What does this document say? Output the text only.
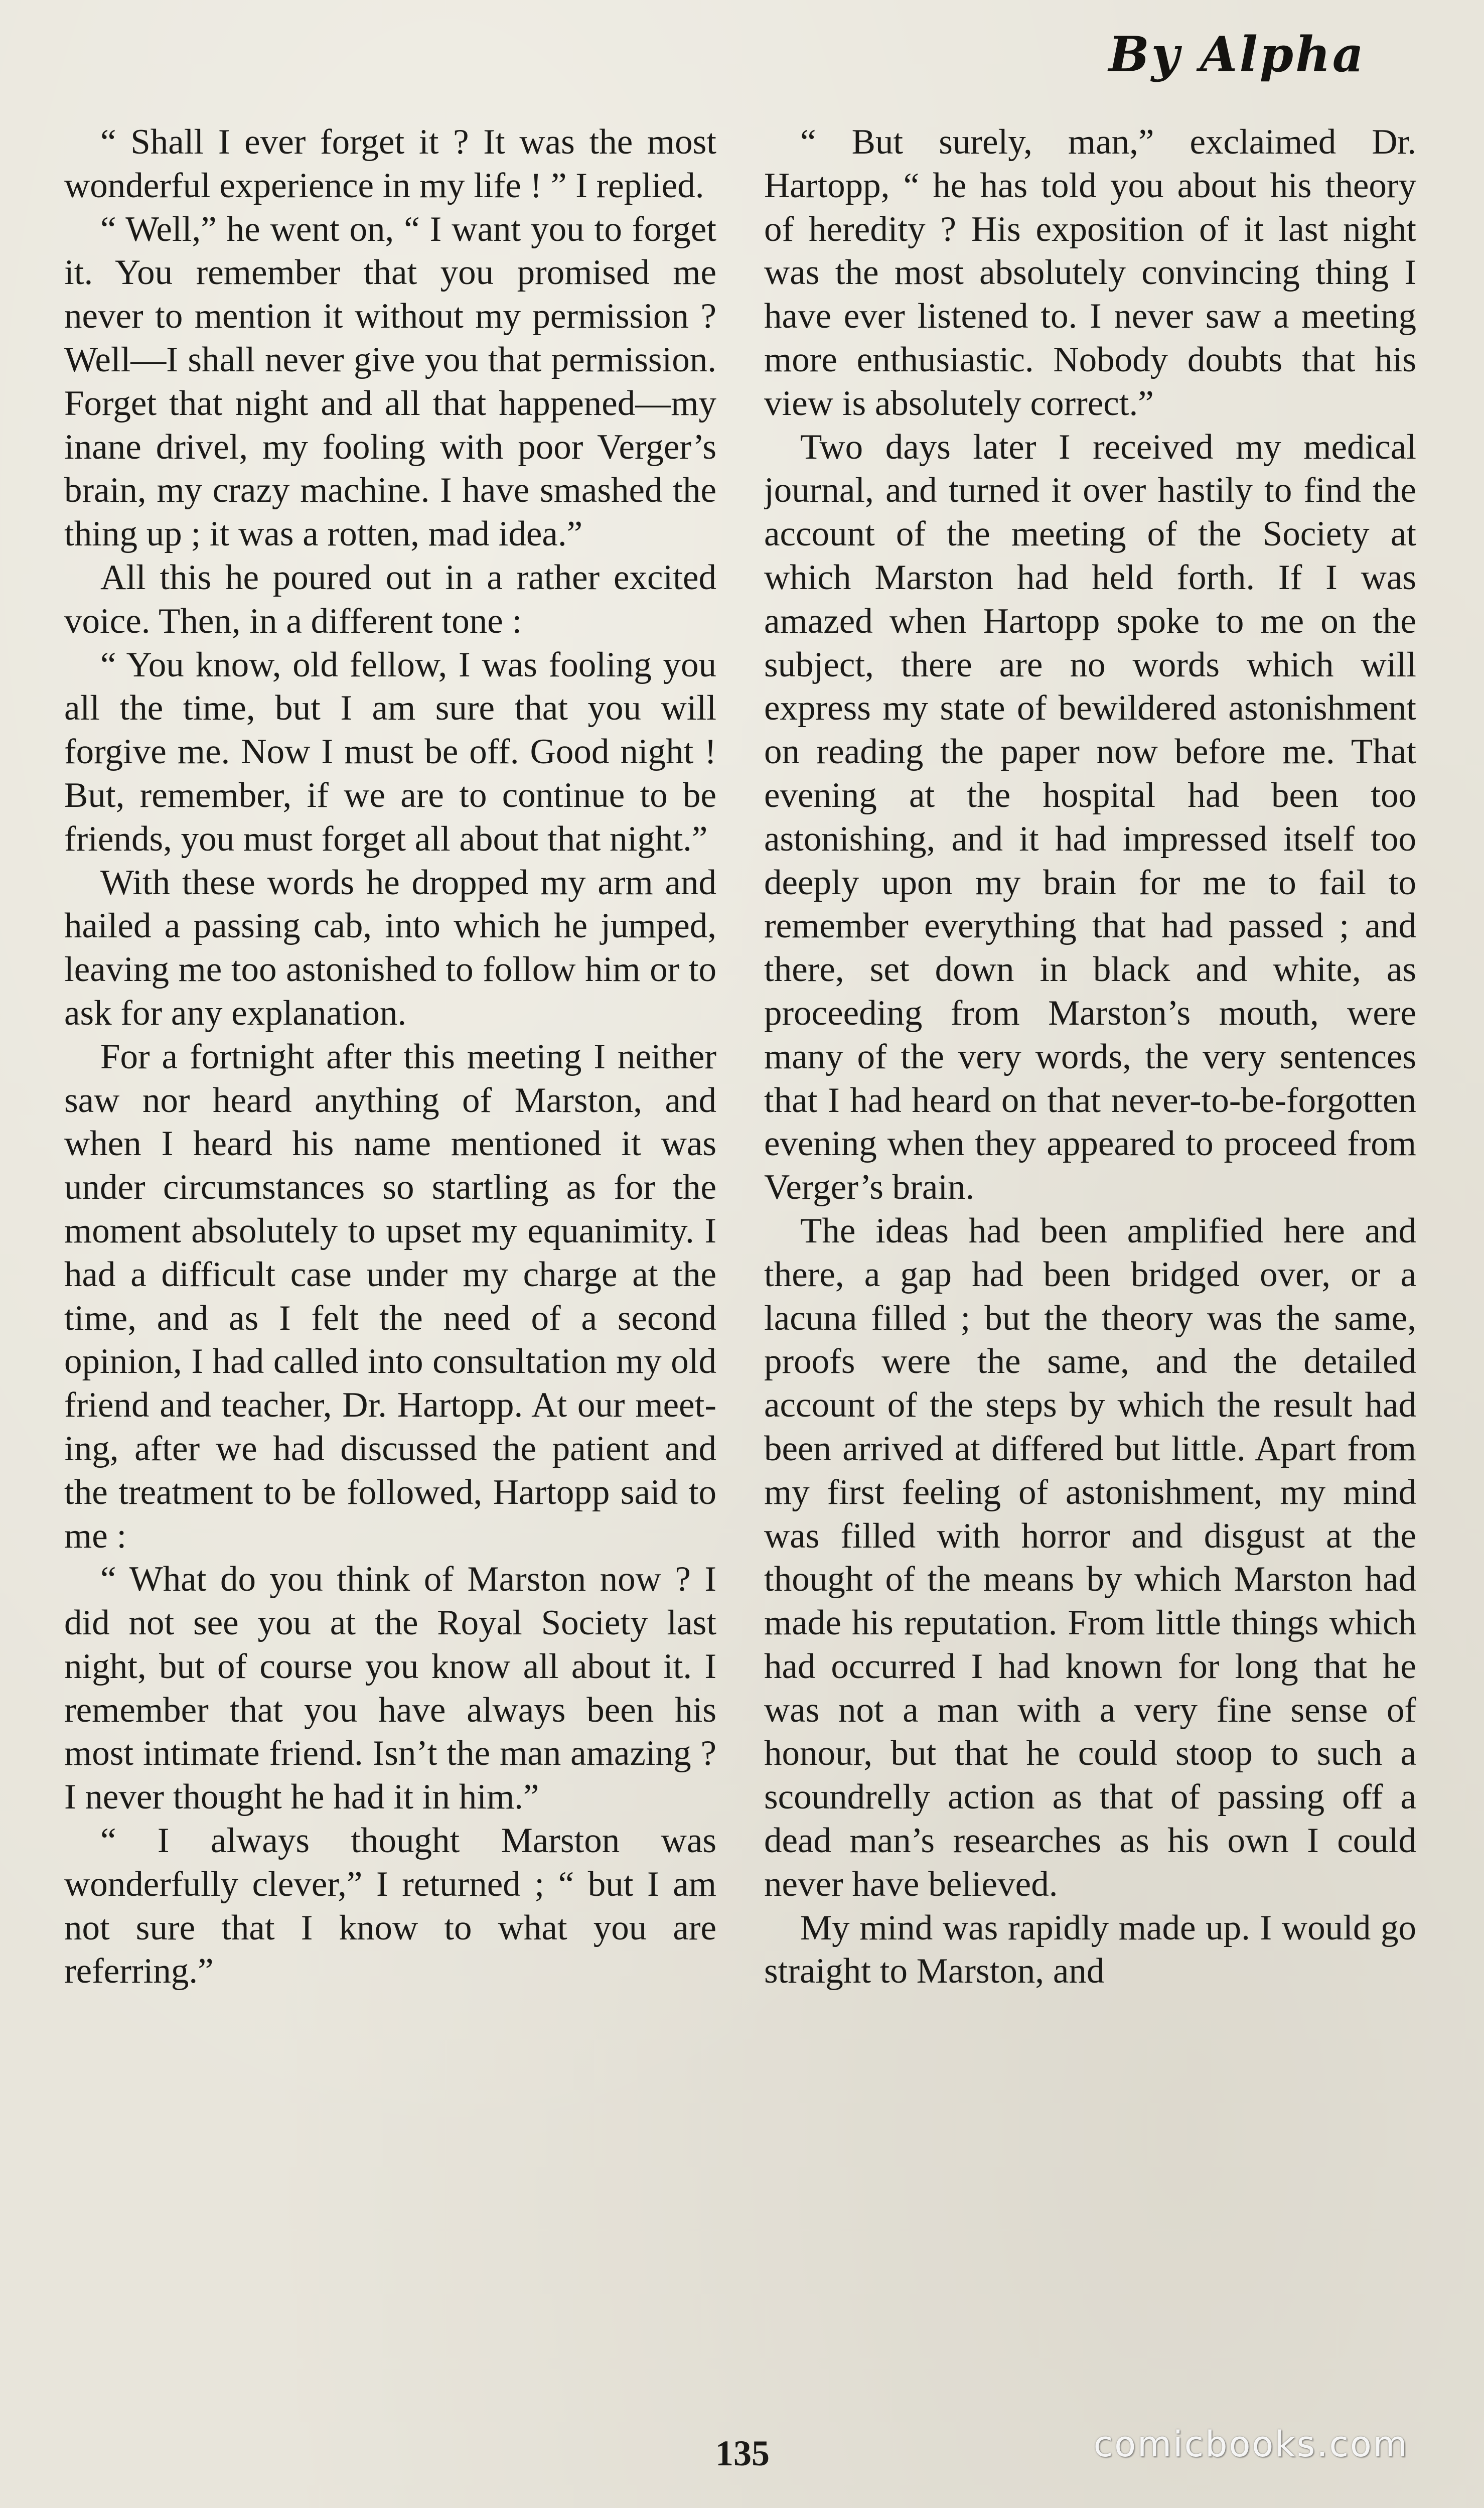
By Alpha

“ Shall I ever forget it ? It was the most wonderful experience in my life ! ” I replied.

“ Well,” he went on, “ I want you to forget it. You remember that you promised me never to mention it without my permission ? Well—I shall never give you that permission. Forget that night and all that happened—my inane drivel, my fooling with poor Verger’s brain, my crazy machine. I have smashed the thing up ; it was a rotten, mad idea.”

All this he poured out in a rather excited voice. Then, in a different tone :

“ You know, old fellow, I was fooling you all the time, but I am sure that you will forgive me. Now I must be off. Good night ! But, remember, if we are to continue to be friends, you must forget all about that night.”

With these words he dropped my arm and hailed a passing cab, into which he jumped, leaving me too astonished to follow him or to ask for any explanation.

For a fortnight after this meeting I neither saw nor heard anything of Marston, and when I heard his name mentioned it was under circumstances so startling as for the moment absolutely to upset my equanimity. I had a difficult case under my charge at the time, and as I felt the need of a second opinion, I had called into consultation my old friend and teacher, Dr. Hartopp. At our meeting, after we had discussed the patient and the treatment to be followed, Hartopp said to me :

“ What do you think of Marston now ? I did not see you at the Royal Society last night, but of course you know all about it. I remember that you have always been his most intimate friend. Isn’t the man amazing ? I never thought he had it in him.”

“ I always thought Marston was wonderfully clever,” I returned ; “ but I am not sure that I know to what you are referring.”

“ But surely, man,” exclaimed Dr. Hartopp, “ he has told you about his theory of heredity ? His exposition of it last night was the most absolutely convincing thing I have ever listened to. I never saw a meeting more enthusiastic. Nobody doubts that his view is absolutely correct.”

Two days later I received my medical journal, and turned it over hastily to find the account of the meeting of the Society at which Marston had held forth. If I was amazed when Hartopp spoke to me on the subject, there are no words which will express my state of bewildered astonishment on reading the paper now before me. That evening at the hospital had been too astonishing, and it had impressed itself too deeply upon my brain for me to fail to remember everything that had passed ; and there, set down in black and white, as proceeding from Marston’s mouth, were many of the very words, the very sentences that I had heard on that never-to-be-forgotten evening when they appeared to proceed from Verger’s brain.

The ideas had been amplified here and there, a gap had been bridged over, or a lacuna filled ; but the theory was the same, proofs were the same, and the detailed account of the steps by which the result had been arrived at differed but little. Apart from my first feeling of astonishment, my mind was filled with horror and disgust at the thought of the means by which Marston had made his reputation. From little things which had occurred I had known for long that he was not a man with a very fine sense of honour, but that he could stoop to such a scoundrelly action as that of passing off a dead man’s researches as his own I could never have believed.

My mind was rapidly made up. I would go straight to Marston, and

135	comicbooks.com
